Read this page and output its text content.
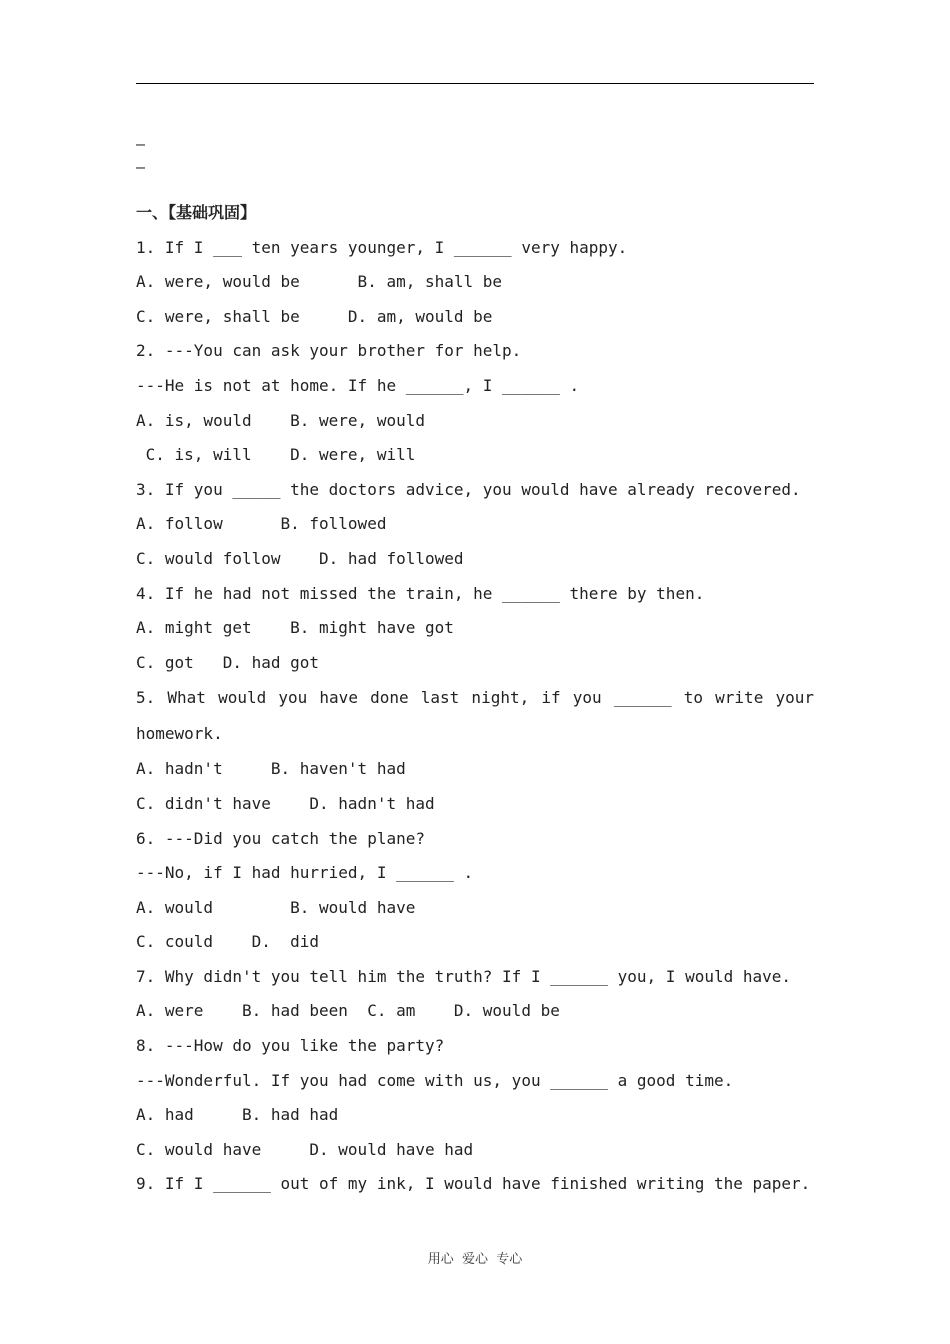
–
–
一、【基础巩固】
1. If I ___ ten years younger, I ______ very happy.
A. were, would be      B. am, shall be
C. were, shall be     D. am, would be
2. ---You can ask your brother for help.
---He is not at home. If he ______, I ______ .
A. is, would    B. were, would
C. is, will    D. were, will
3. If you _____ the doctors advice, you would have already recovered.
A. follow      B. followed
C. would follow    D. had followed
4. If he had not missed the train, he ______ there by then.
A. might get    B. might have got
C. got   D. had got
5. What would you have done last night, if you ______ to write your homework.
A. hadn't     B. haven't had
C. didn't have    D. hadn't had
6. ---Did you catch the plane?
---No, if I had hurried, I ______ .
A. would        B. would have
C. could    D.  did
7. Why didn't you tell him the truth? If I ______ you, I would have.
A. were    B. had been  C. am    D. would be
8. ---How do you like the party?
---Wonderful. If you had come with us, you ______ a good time.
A. had     B. had had
C. would have     D. would have had
9. If I ______ out of my ink, I would have finished writing the paper.
用心  爱心  专心
